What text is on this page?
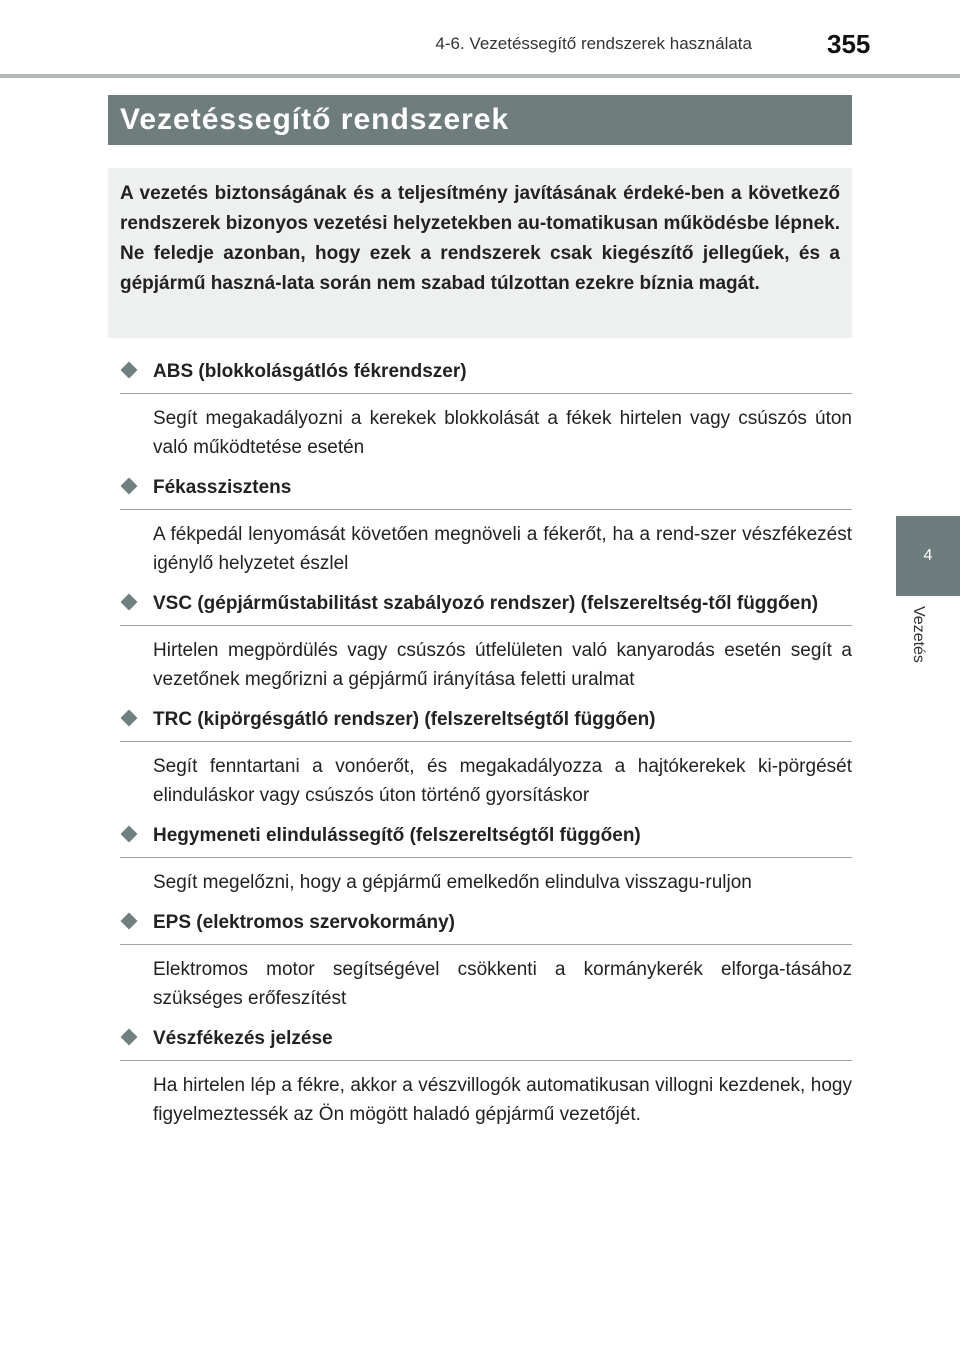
4-6. Vezetéssegítő rendszerek használata	355
4
Vezetés
Vezetéssegítő rendszerek

A vezetés biztonságának és a teljesítmény javításának érdeké-ben a következő rendszerek bizonyos vezetési helyzetekben au-tomatikusan működésbe lépnek. Ne feledje azonban, hogy ezek a rendszerek csak kiegészítő jellegűek, és a gépjármű haszná-lata során nem szabad túlzottan ezekre bíznia magát.

ABS (blokkolásgátlós fékrendszer)
Segít megakadályozni a kerekek blokkolását a fékek hirtelen vagy csúszós úton való működtetése esetén
Fékasszisztens
A fékpedál lenyomását követően megnöveli a fékerőt, ha a rend-szer vészfékezést igénylő helyzetet észlel
VSC (gépjárműstabilitást szabályozó rendszer) (felszereltség-től függően)
Hirtelen megpördülés vagy csúszós útfelületen való kanyarodás esetén segít a vezetőnek megőrizni a gépjármű irányítása feletti uralmat
TRC (kipörgésgátló rendszer) (felszereltségtől függően)
Segít fenntartani a vonóerőt, és megakadályozza a hajtókerekek ki-pörgését elinduláskor vagy csúszós úton történő gyorsításkor
Hegymeneti elindulássegítő (felszereltségtől függően)
Segít megelőzni, hogy a gépjármű emelkedőn elindulva visszagu-ruljon
EPS (elektromos szervokormány)
Elektromos motor segítségével csökkenti a kormánykerék elforga-tásához szükséges erőfeszítést
Vészfékezés jelzése
Ha hirtelen lép a fékre, akkor a vészvillogók automatikusan villogni kezdenek, hogy figyelmeztessék az Ön mögött haladó gépjármű vezetőjét.
